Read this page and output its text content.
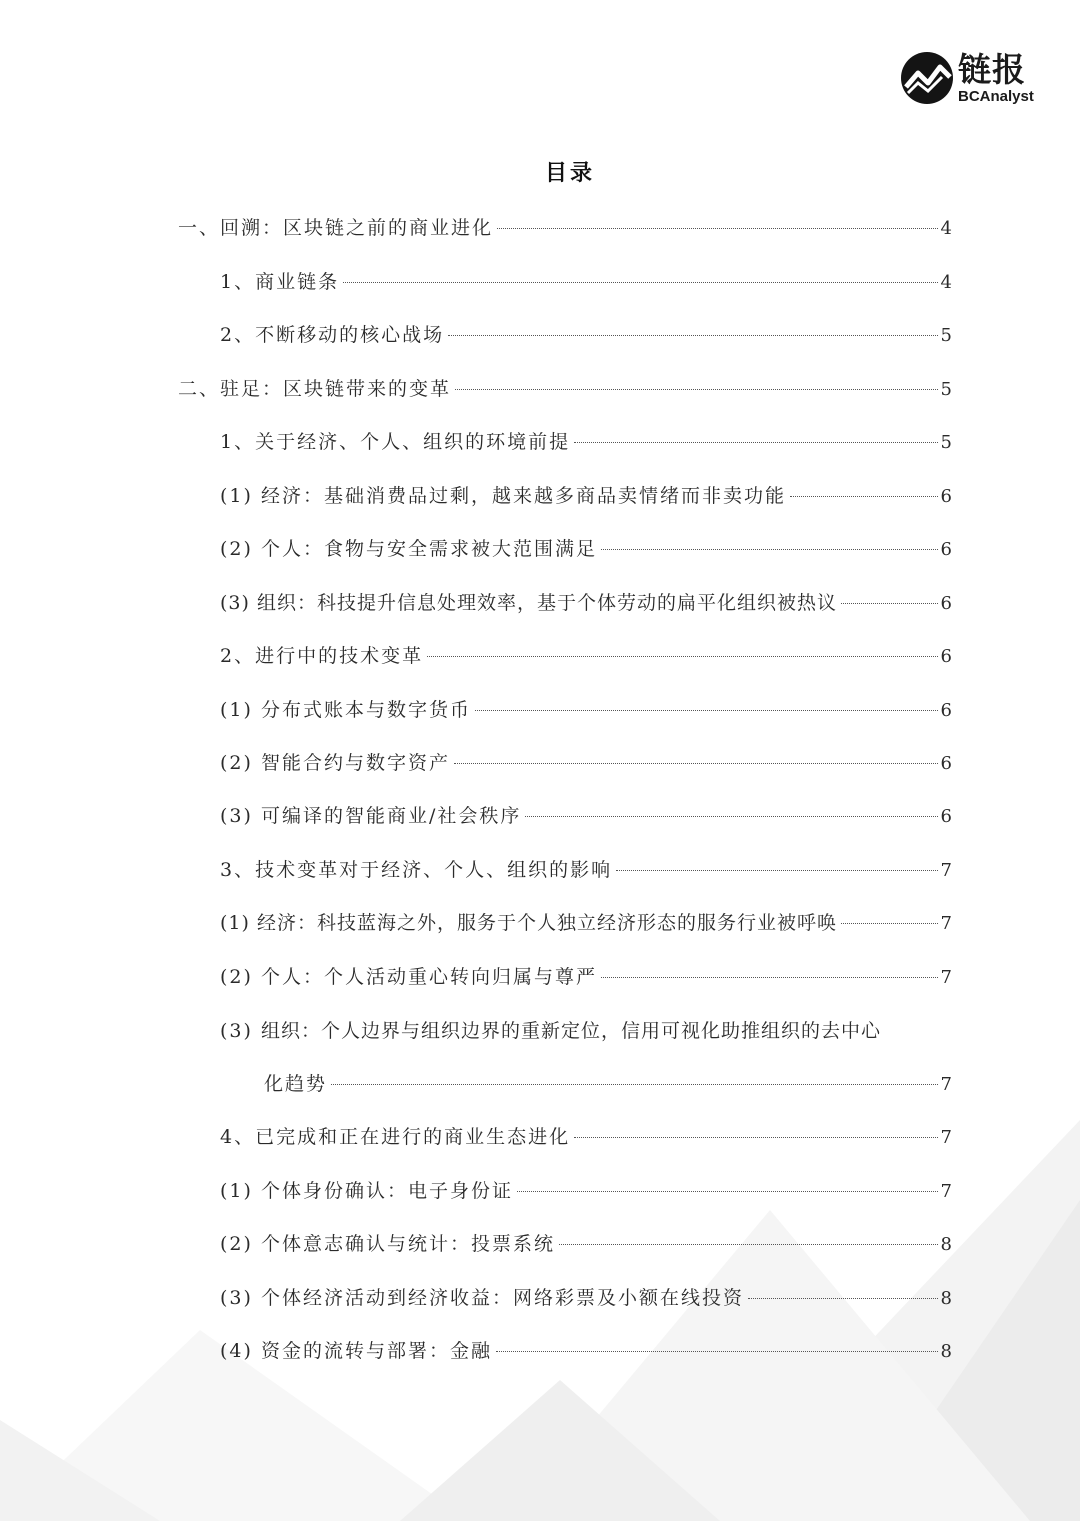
链报
BCAnalyst
目录
一、 回溯：区块链之前的商业进化	4
1、 商业链条	4
2、 不断移动的核心战场	5
二、 驻足：区块链带来的变革	5
1、 关于经济、个人、组织的环境前提	5
(1) 经济：基础消费品过剩，越来越多商品卖情绪而非卖功能	6
(2) 个人：食物与安全需求被大范围满足	6
(3) 组织：科技提升信息处理效率，基于个体劳动的扁平化组织被热议	6
2、 进行中的技术变革	6
(1) 分布式账本与数字货币	6
(2) 智能合约与数字资产	6
(3) 可编译的智能商业/社会秩序	6
3、 技术变革对于经济、个人、组织的影响	7
(1) 经济：科技蓝海之外，服务于个人独立经济形态的服务行业被呼唤	7
(2) 个人：个人活动重心转向归属与尊严	7
(3) 组织：个人边界与组织边界的重新定位，信用可视化助推组织的去中心
化趋势	7
4、 已完成和正在进行的商业生态进化	7
(1) 个体身份确认：电子身份证	7
(2) 个体意志确认与统计：投票系统	8
(3) 个体经济活动到经济收益：网络彩票及小额在线投资	8
(4) 资金的流转与部署：金融	8
